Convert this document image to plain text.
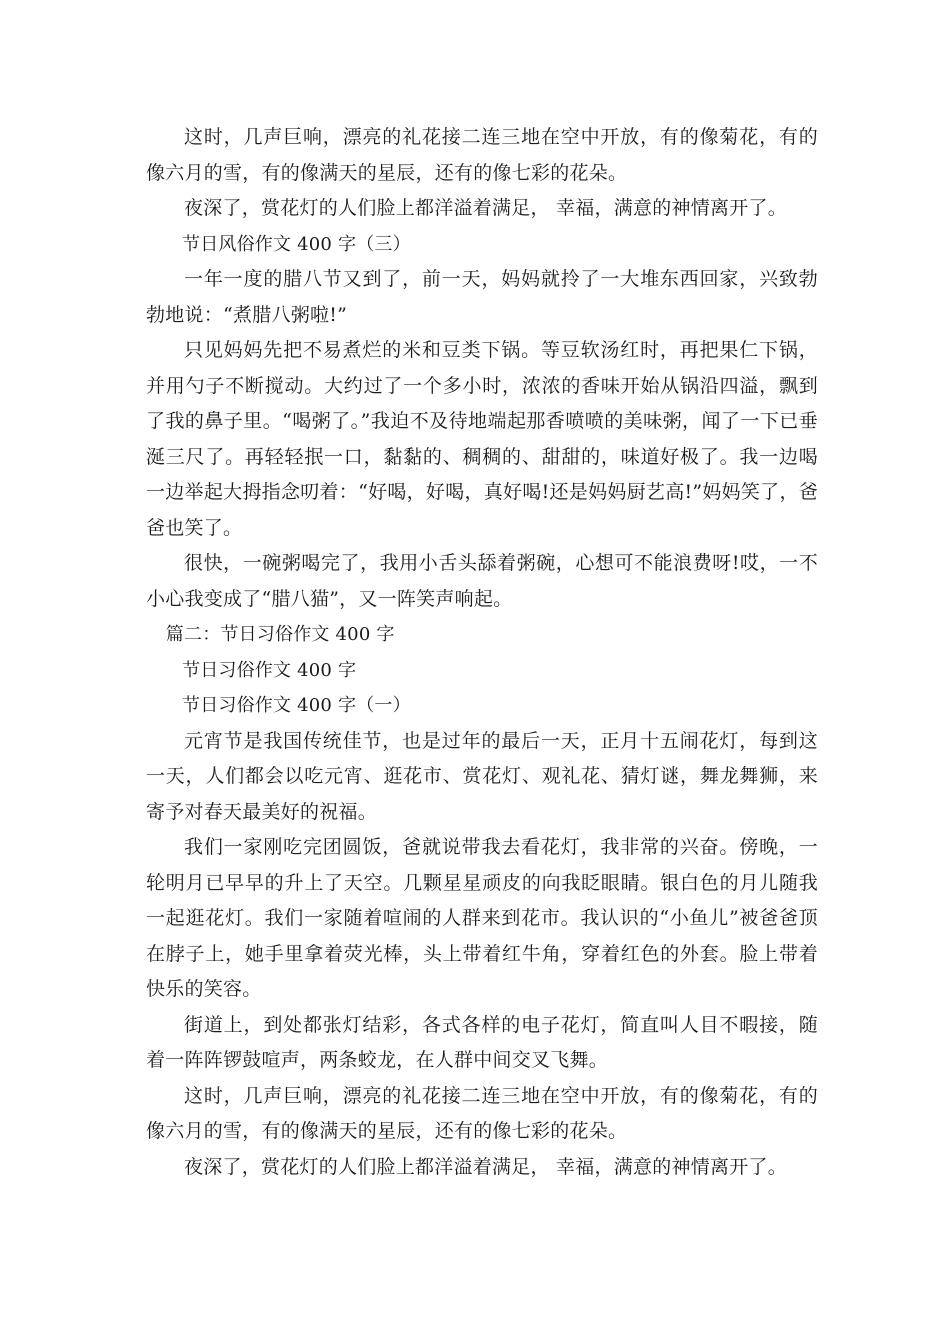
这时，几声巨响，漂亮的礼花接二连三地在空中开放，有的像菊花，有的像六月的雪，有的像满天的星辰，还有的像七彩的花朵。

夜深了，赏花灯的人们脸上都洋溢着满足， 幸福，满意的神情离开了。

节日风俗作文 400 字（三）

一年一度的腊八节又到了，前一天，妈妈就拎了一大堆东西回家，兴致勃勃地说：“煮腊八粥啦!”

只见妈妈先把不易煮烂的米和豆类下锅。等豆软汤红时，再把果仁下锅，并用勺子不断搅动。大约过了一个多小时，浓浓的香味开始从锅沿四溢，飘到了我的鼻子里。“喝粥了。”我迫不及待地端起那香喷喷的美味粥，闻了一下已垂涎三尺了。再轻轻抿一口，黏黏的、稠稠的、甜甜的，味道好极了。我一边喝一边举起大拇指念叨着：“好喝，好喝，真好喝!还是妈妈厨艺高!”妈妈笑了，爸爸也笑了。

很快，一碗粥喝完了，我用小舌头舔着粥碗，心想可不能浪费呀!哎，一不小心我变成了“腊八猫”，又一阵笑声响起。

篇二：节日习俗作文 400 字

节日习俗作文 400 字

节日习俗作文 400 字（一）

元宵节是我国传统佳节，也是过年的最后一天，正月十五闹花灯，每到这一天，人们都会以吃元宵、逛花市、赏花灯、观礼花、猜灯谜，舞龙舞狮，来寄予对春天最美好的祝福。

我们一家刚吃完团圆饭，爸就说带我去看花灯，我非常的兴奋。傍晚，一轮明月已早早的升上了天空。几颗星星顽皮的向我眨眼睛。银白色的月儿随我一起逛花灯。我们一家随着喧闹的人群来到花市。我认识的“小鱼儿”被爸爸顶在脖子上，她手里拿着荧光棒，头上带着红牛角，穿着红色的外套。脸上带着快乐的笑容。

街道上，到处都张灯结彩，各式各样的电子花灯，简直叫人目不暇接，随着一阵阵锣鼓喧声，两条蛟龙，在人群中间交叉飞舞。

这时，几声巨响，漂亮的礼花接二连三地在空中开放，有的像菊花，有的像六月的雪，有的像满天的星辰，还有的像七彩的花朵。

夜深了，赏花灯的人们脸上都洋溢着满足， 幸福，满意的神情离开了。
